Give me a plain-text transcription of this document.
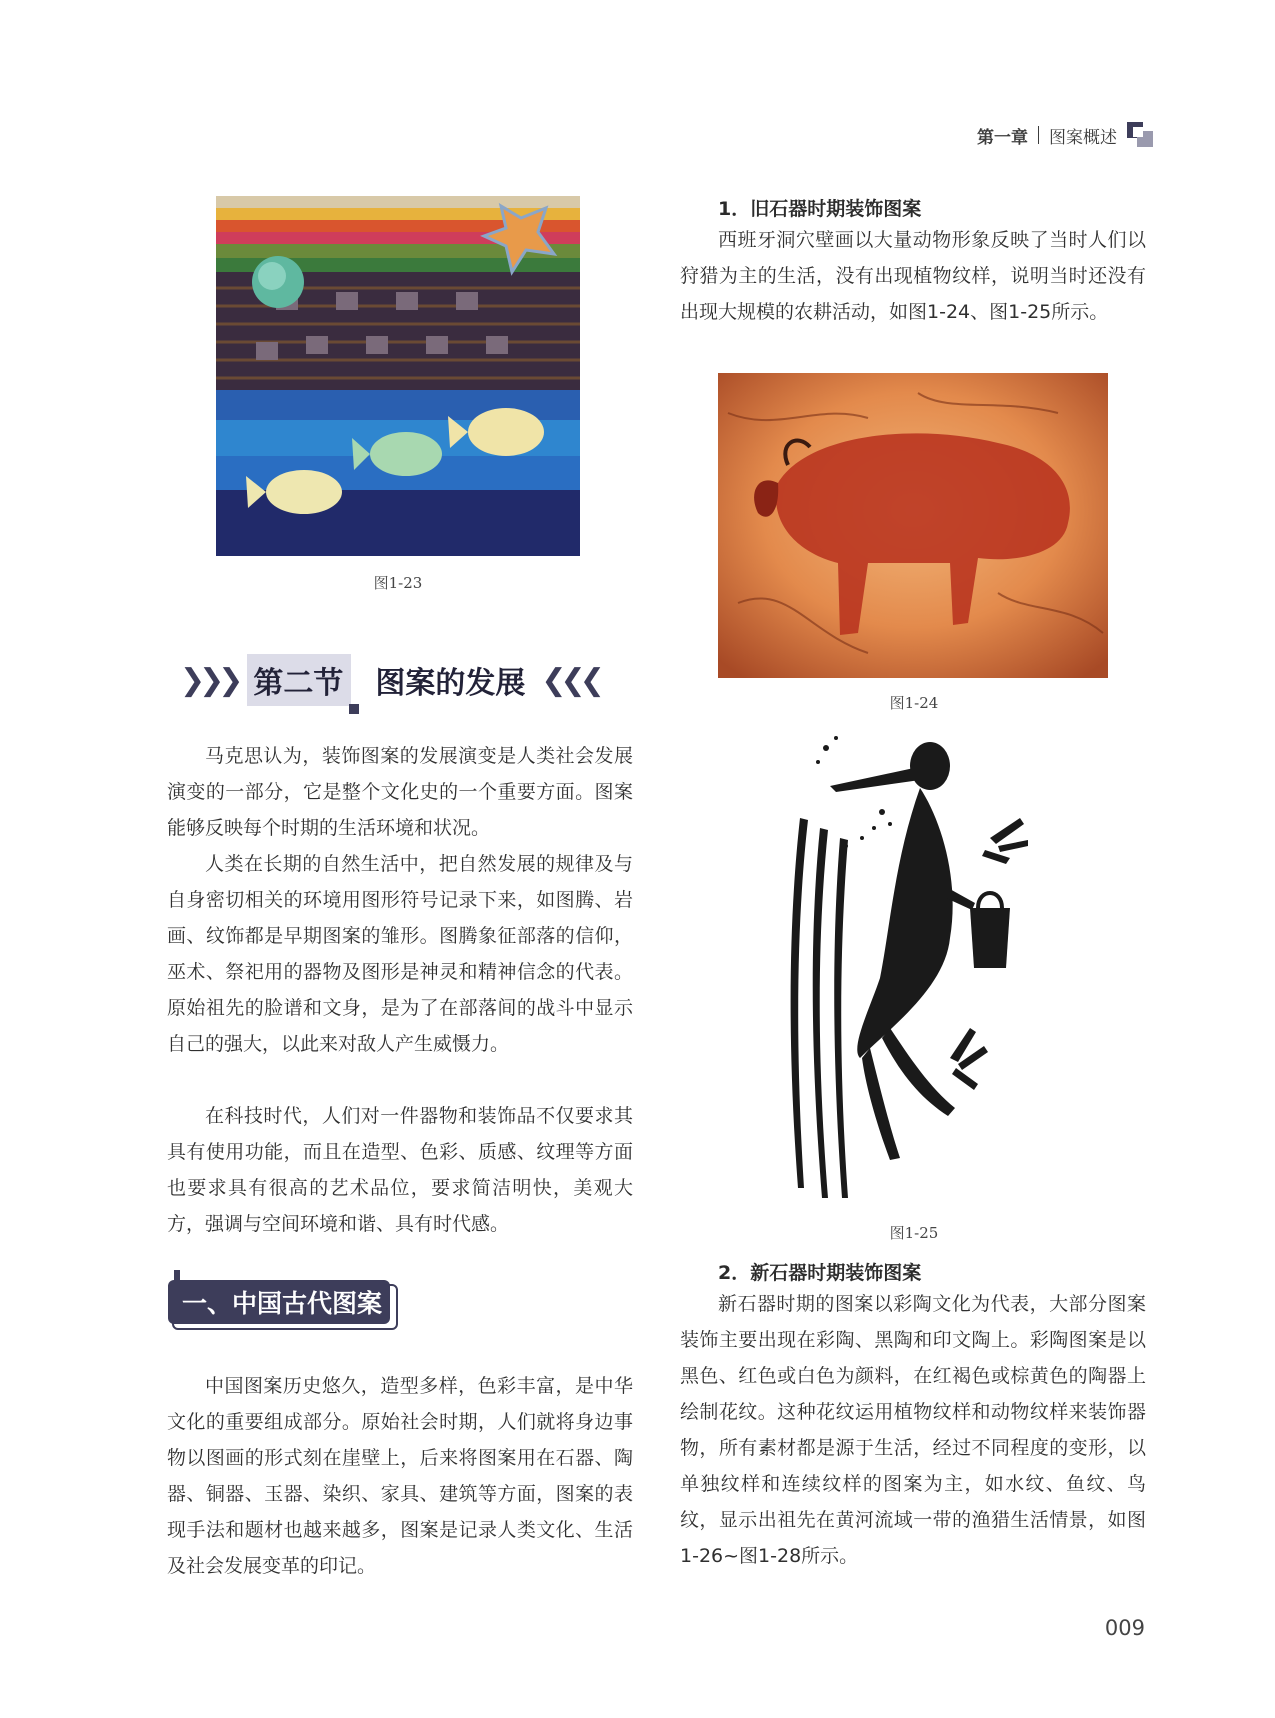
第一章 图案概述
图1-23
图1-24
图1-25
❯❯❯ 第二节 图案的发展 ❮❮❮

马克思认为，装饰图案的发展演变是人类社会发展演变的一部分，它是整个文化史的一个重要方面。图案能够反映每个时期的生活环境和状况。

人类在长期的自然生活中，把自然发展的规律及与自身密切相关的环境用图形符号记录下来，如图腾、岩画、纹饰都是早期图案的雏形。图腾象征部落的信仰，巫术、祭祀用的器物及图形是神灵和精神信念的代表。原始祖先的脸谱和文身，是为了在部落间的战斗中显示自己的强大，以此来对敌人产生威慑力。

在科技时代，人们对一件器物和装饰品不仅要求其具有使用功能，而且在造型、色彩、质感、纹理等方面也要求具有很高的艺术品位，要求简洁明快，美观大方，强调与空间环境和谐、具有时代感。

一、中国古代图案

中国图案历史悠久，造型多样，色彩丰富，是中华文化的重要组成部分。原始社会时期，人们就将身边事物以图画的形式刻在崖壁上，后来将图案用在石器、陶器、铜器、玉器、染织、家具、建筑等方面，图案的表现手法和题材也越来越多，图案是记录人类文化、生活及社会发展变革的印记。

1．旧石器时期装饰图案

西班牙洞穴壁画以大量动物形象反映了当时人们以狩猎为主的生活，没有出现植物纹样，说明当时还没有出现大规模的农耕活动，如图1-24、图1-25所示。

2．新石器时期装饰图案

新石器时期的图案以彩陶文化为代表，大部分图案装饰主要出现在彩陶、黑陶和印文陶上。彩陶图案是以黑色、红色或白色为颜料，在红褐色或棕黄色的陶器上绘制花纹。这种花纹运用植物纹样和动物纹样来装饰器物，所有素材都是源于生活，经过不同程度的变形，以单独纹样和连续纹样的图案为主，如水纹、鱼纹、鸟纹，显示出祖先在黄河流域一带的渔猎生活情景，如图1-26~图1-28所示。

009
